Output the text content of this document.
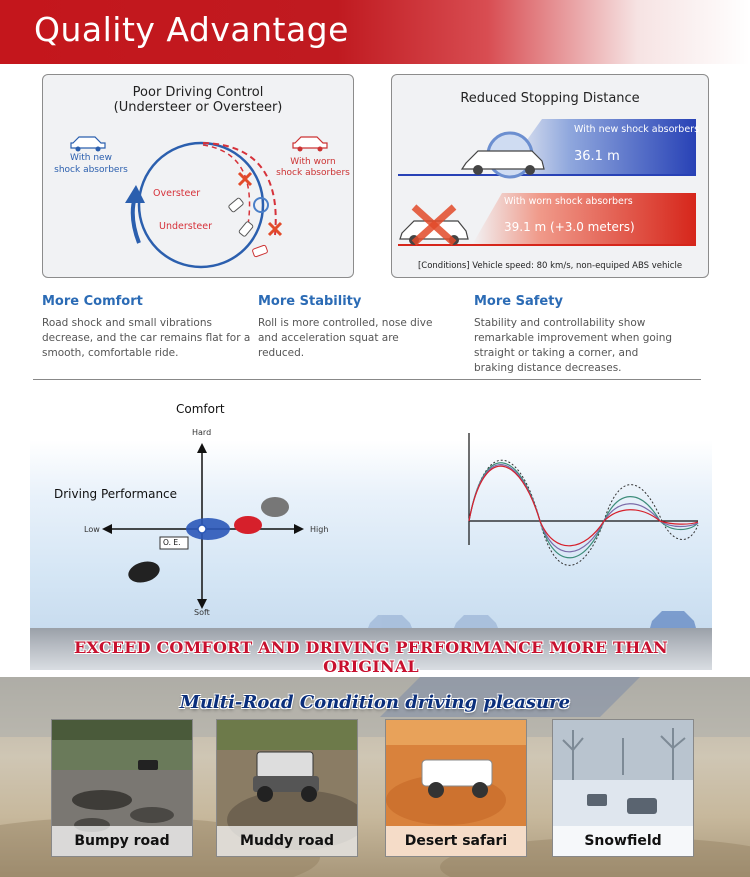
Quality Advantage
Poor Driving Control
(Understeer or Oversteer)
With new
shock absorbers
With worn
shock absorbers
Oversteer
Understeer
Reduced Stopping Distance
With new shock absorbers
36.1 m
With worn shock absorbers
39.1 m (+3.0 meters)
[Conditions] Vehicle speed: 80 km/s, non-equiped ABS vehicle
More Comfort

Road shock and small vibrations decrease, and the car remains flat for a smooth, comfortable ride.

More Stability

Roll is more controlled, nose dive and acceleration squat are reduced.

More Safety

Stability and controllability show remarkable improvement when going straight or taking a corner, and braking distance decreases.

Comfort
Hard
Soft
Low	High
Driving Performance
O. E.
EXCEED COMFORT AND DRIVING PERFORMANCE MORE THAN ORIGINAL
Multi-Road Condition driving pleasure
Bumpy road	Muddy road	Desert safari	Snowfield
